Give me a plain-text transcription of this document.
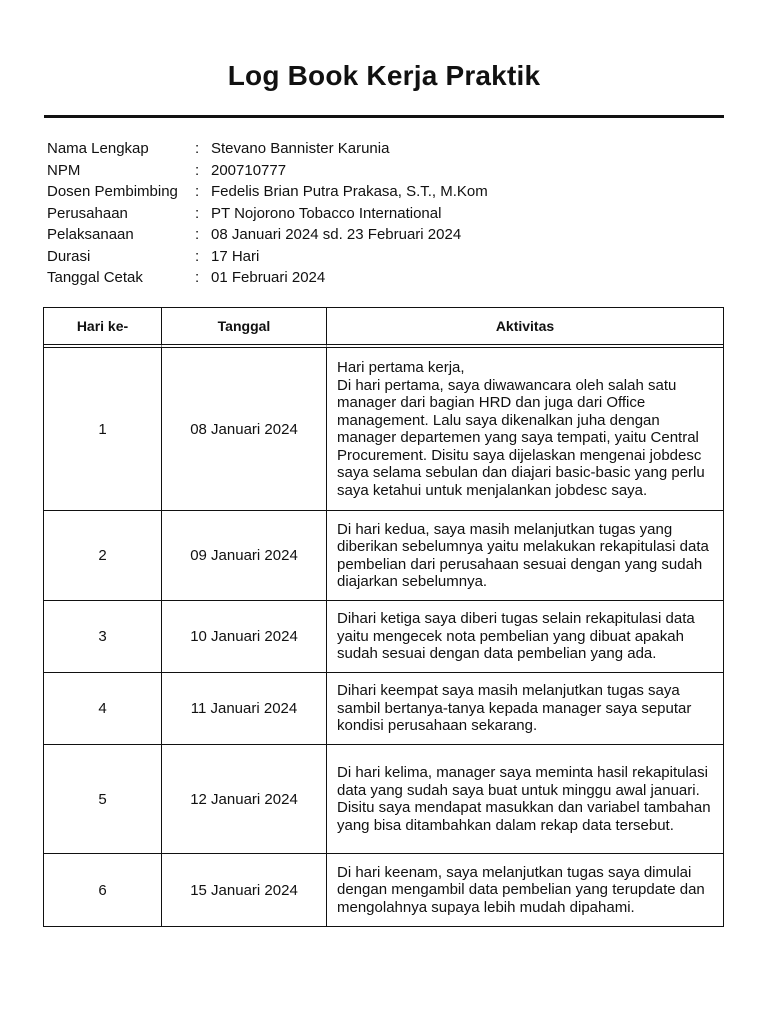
Log Book Kerja Praktik
Nama Lengkap	: Stevano Bannister Karunia
NPM	: 200710777
Dosen Pembimbing	: Fedelis Brian Putra Prakasa, S.T., M.Kom
Perusahaan	: PT Nojorono Tobacco International
Pelaksanaan	: 08 Januari 2024 sd. 23 Februari 2024
Durasi	: 17 Hari
Tanggal Cetak	: 01 Februari 2024
Hari ke-	Tanggal	Aktivitas
1	08 Januari 2024	Hari pertama kerja,
Di hari pertama, saya diwawancara oleh salah satu manager dari bagian HRD dan juga dari Office management. Lalu saya dikenalkan juha dengan manager departemen yang saya tempati, yaitu Central Procurement. Disitu saya dijelaskan mengenai jobdesc saya selama sebulan dan diajari basic-basic yang perlu saya ketahui untuk menjalankan jobdesc saya.
2	09 Januari 2024	Di hari kedua, saya masih melanjutkan tugas yang diberikan sebelumnya yaitu melakukan rekapitulasi data pembelian dari perusahaan sesuai dengan yang sudah diajarkan sebelumnya.
3	10 Januari 2024	Dihari ketiga saya diberi tugas selain rekapitulasi data yaitu mengecek nota pembelian yang dibuat apakah sudah sesuai dengan data pembelian yang ada.
4	11 Januari 2024	Dihari keempat saya masih melanjutkan tugas saya sambil bertanya-tanya kepada manager saya seputar kondisi perusahaan sekarang.
5	12 Januari 2024	Di hari kelima, manager saya meminta hasil rekapitulasi data yang sudah saya buat untuk minggu awal januari. Disitu saya mendapat masukkan dan variabel tambahan yang bisa ditambahkan dalam rekap data tersebut.
6	15 Januari 2024	Di hari keenam, saya melanjutkan tugas saya dimulai dengan mengambil data pembelian yang terupdate dan mengolahnya supaya lebih mudah dipahami.
